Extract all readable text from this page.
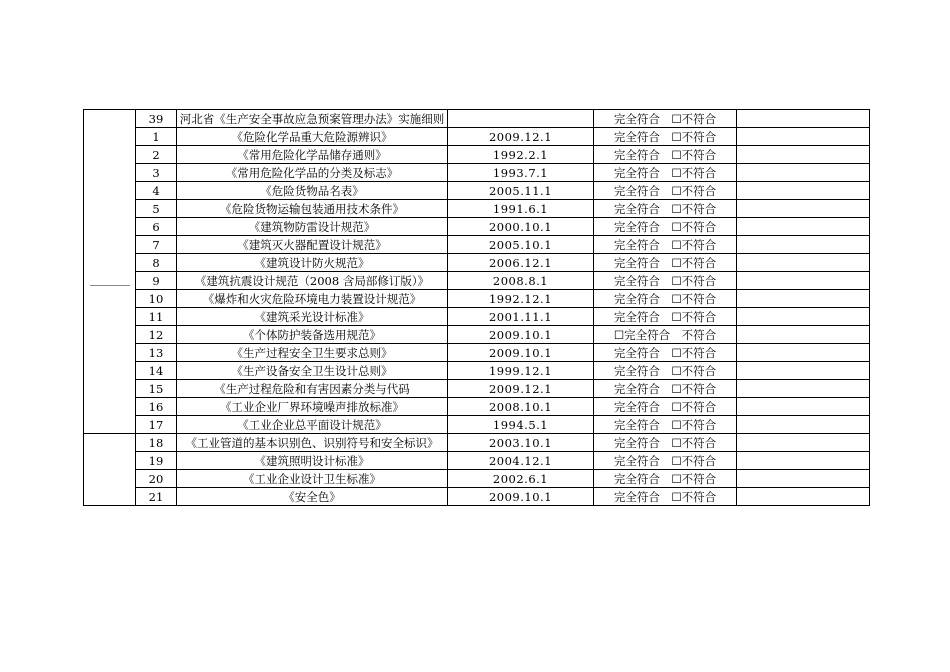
	39	河北省《生产安全事故应急预案管理办法》实施细则		完全符合　☐不符合	
	1	《危险化学品重大危险源辨识》	2009.12.1	完全符合　☐不符合	
	2	《常用危险化学品储存通则》	1992.2.1	完全符合　☐不符合	
	3	《常用危险化学品的分类及标志》	1993.7.1	完全符合　☐不符合	
	4	《危险货物品名表》	2005.11.1	完全符合　☐不符合	
	5	《危险货物运输包装通用技术条件》	1991.6.1	完全符合　☐不符合	
	6	《建筑物防雷设计规范》	2000.10.1	完全符合　☐不符合	
	7	《建筑灭火器配置设计规范》	2005.10.1	完全符合　☐不符合	
	8	《建筑设计防火规范》	2006.12.1	完全符合　☐不符合	
	9	《建筑抗震设计规范（2008 含局部修订版）》	2008.8.1	完全符合　☐不符合	
	10	《爆炸和火灾危险环境电力装置设计规范》	1992.12.1	完全符合　☐不符合	
	11	《建筑采光设计标准》	2001.11.1	完全符合　☐不符合	
	12	《个体防护装备选用规范》	2009.10.1	☐完全符合　不符合	
	13	《生产过程安全卫生要求总则》	2009.10.1	完全符合　☐不符合	
	14	《生产设备安全卫生设计总则》	1999.12.1	完全符合　☐不符合	
	15	《生产过程危险和有害因素分类与代码	2009.12.1	完全符合　☐不符合	
	16	《工业企业厂界环境噪声排放标准》	2008.10.1	完全符合　☐不符合	
	17	《工业企业总平面设计规范》	1994.5.1	完全符合　☐不符合	
	18	《工业管道的基本识别色、识别符号和安全标识》	2003.10.1	完全符合　☐不符合	
	19	《建筑照明设计标准》	2004.12.1	完全符合　☐不符合	
	20	《工业企业设计卫生标准》	2002.6.1	完全符合　☐不符合	
	21	《安全色》	2009.10.1	完全符合　☐不符合	
